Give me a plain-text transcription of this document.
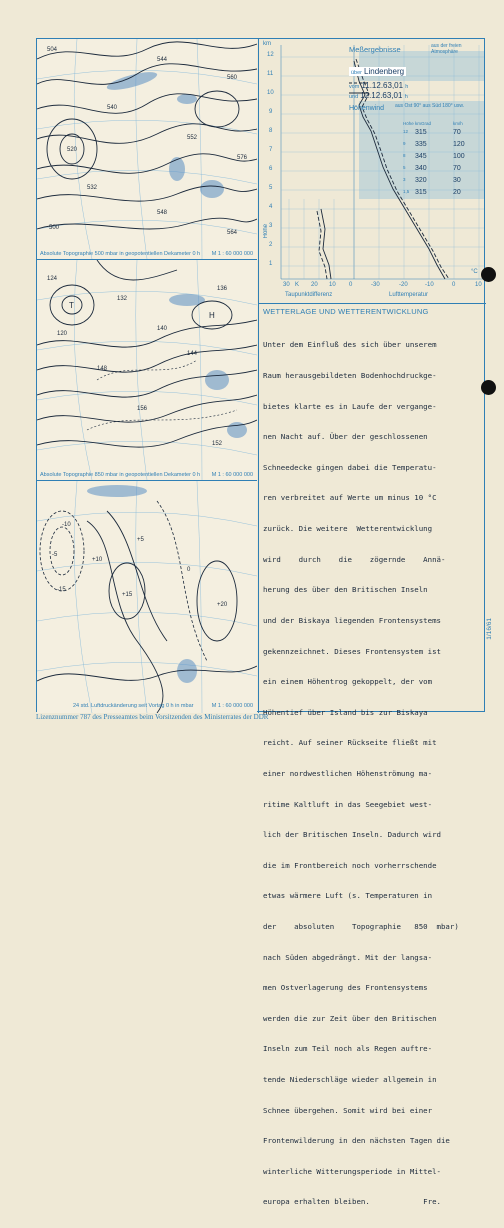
504
544
560
576
552
540
532
500
548
564
520
Absolute Topographie 500 mbar in geopotentiellen Dekameter 0 h M 1 : 60 000 000
132
140
144
148
156
124
136
120
152
T
H
Absolute Topographie 850 mbar in geopotentiellen Dekameter 0 h M 1 : 60 000 000
+10
-5
+5
0
-10
+15
+20
-15
24 std. Luftdruckänderung seit Vortag 0 h in mbar	M 1 : 60 000 000
km
1
2
3
4
5
6
7
8
9
10
11
12
Höhe
30 K 20 10 0	-30	-20	-10	0
°C
10
Taupunktdifferenz	Lufttemperatur
Meßergebnisse	aus der freien Atmosphäre
über Lindenberg
vom 11.12.63,01 h
und 12.12.63,01 h
Höhenwind aus Ost 90° aus Süd 180° usw.
Höhe km Grad	km/h
12 315	70
9 335	120
8 345	100
5 340	70
3 320	30
1,5 315	20
WETTERLAGE UND WETTERENTWICKLUNG

Unter dem Einfluß des sich über unserem

Raum herausgebildeten Bodenhochdruckge-

bietes klarte es in Laufe der vergange-

nen Nacht auf. Über der geschlossenen

Schneedecke gingen dabei die Temperatu-

ren verbreitet auf Werte um minus 10 °C

zurück. Die weitere  Wetterentwicklung

wird    durch    die    zögernde    Annä-

herung des über den Britischen Inseln

und der Biskaya liegenden Frontensystems

gekennzeichnet. Dieses Frontensystem ist

ein einem Höhentrog gekoppelt, der vom

Höhentief über Island bis zur Biskaya

reicht. Auf seiner Rückseite fließt mit

einer nordwestlichen Höhenströmung ma-

ritime Kaltluft in das Seegebiet west-

lich der Britischen Inseln. Dadurch wird

die im Frontbereich noch vorherrschende

etwas wärmere Luft (s. Temperaturen in

der    absoluten    Topographie   850  mbar)

nach Süden abgedrängt. Mit der langsa-

men Ostverlagerung des Frontensystems

werden die zur Zeit über den Britischen

Inseln zum Teil noch als Regen auftre-

tende Niederschläge wieder allgemein in

Schnee übergehen. Somit wird bei einer

Frontenwilderung in den nächsten Tagen die

winterliche Witterungsperiode in Mittel-

europa erhalten bleiben.            Fre.

Lizenznummer 787 des Presseamtes beim Vorsitzenden des Ministerrates der DDR
1/16/61
